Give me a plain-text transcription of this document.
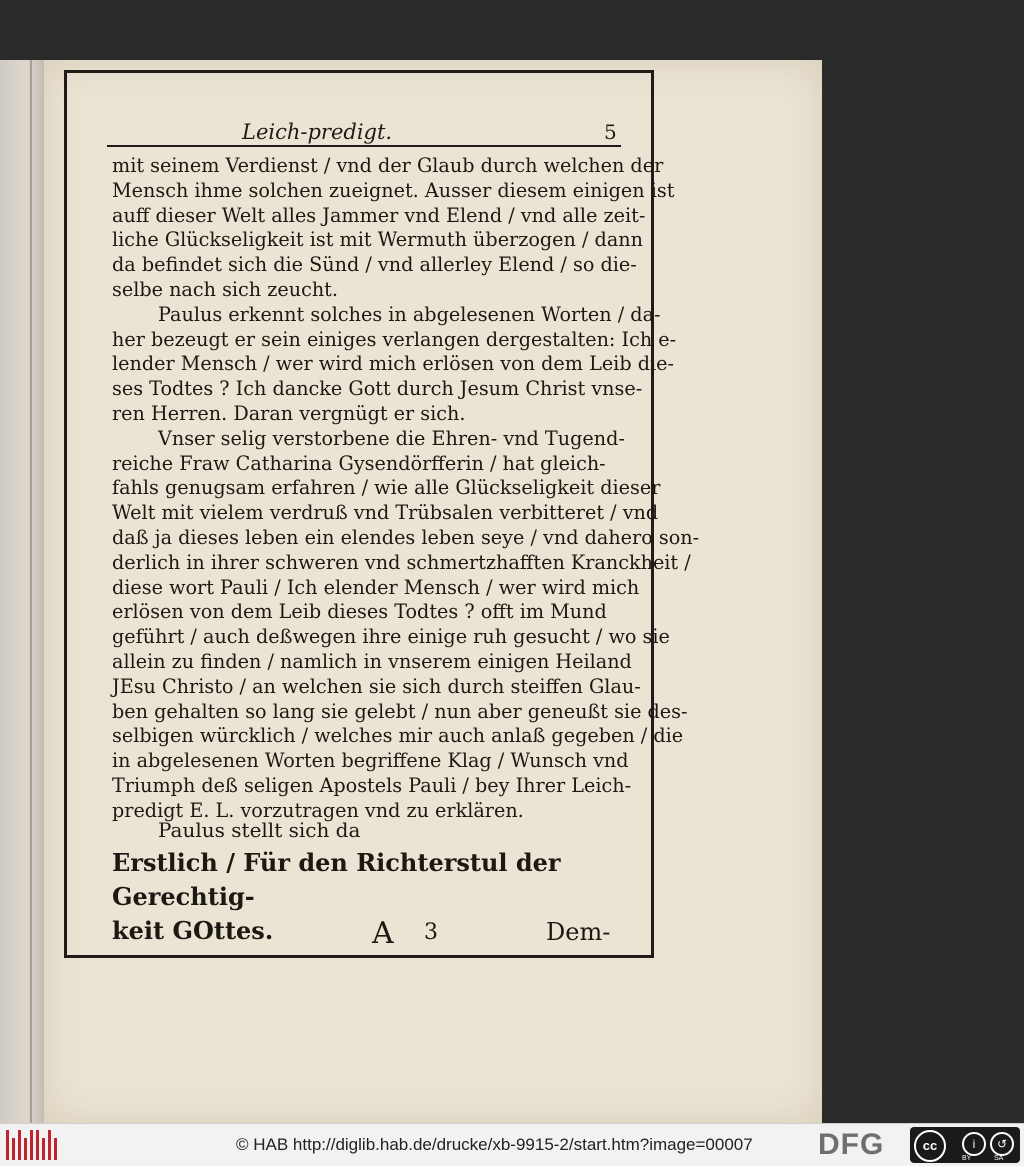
Leich-predigt.	5
mit seinem Verdienst / vnd der Glaub durch welchen der
Mensch ihme solchen zueignet. Ausser diesem einigen ist
auff dieser Welt alles Jammer vnd Elend / vnd alle zeit-
liche Glückseligkeit ist mit Wermuth überzogen / dann
da befindet sich die Sünd / vnd allerley Elend / so die-
selbe nach sich zeucht.
Paulus erkennt solches in abgelesenen Worten / da-
her bezeugt er sein einiges verlangen dergestalten: Ich e-
lender Mensch / wer wird mich erlösen von dem Leib die-
ses Todtes ? Ich dancke Gott durch Jesum Christ vnse-
ren Herren. Daran vergnügt er sich.
Vnser selig verstorbene die Ehren- vnd Tugend-
reiche Fraw Catharina Gysendörfferin / hat gleich-
fahls genugsam erfahren / wie alle Glückseligkeit dieser
Welt mit vielem verdruß vnd Trübsalen verbitteret / vnd
daß ja dieses leben ein elendes leben seye / vnd dahero son-
derlich in ihrer schweren vnd schmertzhafften Kranckheit /
diese wort Pauli / Ich elender Mensch / wer wird mich
erlösen von dem Leib dieses Todtes ? offt im Mund
geführt / auch deßwegen ihre einige ruh gesucht / wo sie
allein zu finden / namlich in vnserem einigen Heiland
JEsu Christo / an welchen sie sich durch steiffen Glau-
ben gehalten so lang sie gelebt / nun aber geneußt sie des-
selbigen würcklich / welches mir auch anlaß gegeben / die
in abgelesenen Worten begriffene Klag / Wunsch vnd
Triumph deß seligen Apostels Pauli / bey Ihrer Leich-
predigt E. L. vorzutragen vnd zu erklären.
Paulus stellt sich da
Erstlich / Für den Richterstul der Gerechtig-
keit GOttes.	A 3	Dem-
© HAB http://diglib.hab.de/drucke/xb-9915-2/start.htm?image=00007 DFG	cc	i	↺
BY	SA
